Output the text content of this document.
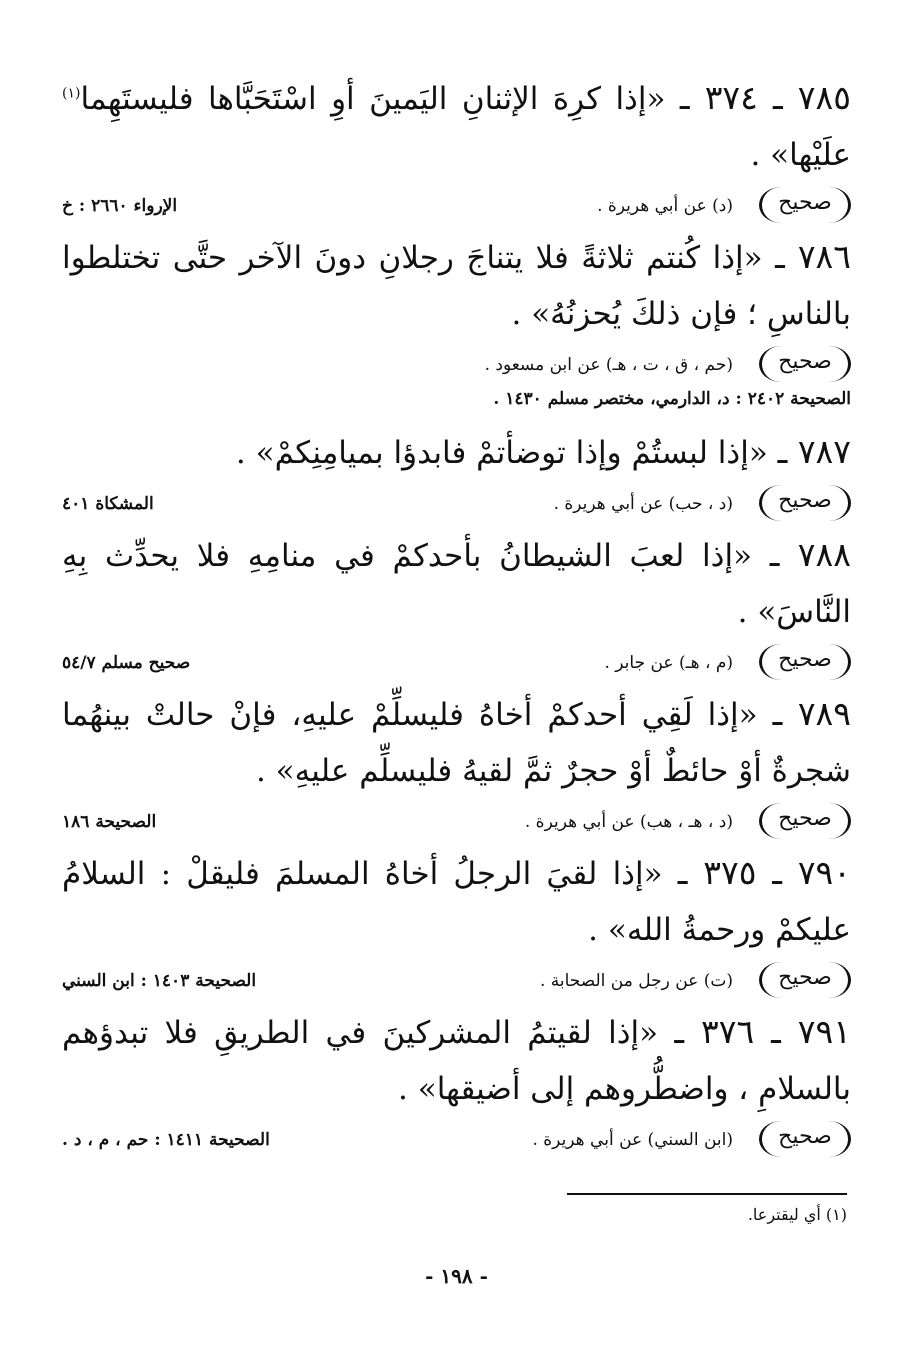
٧٨٥ ـ ٣٧٤ ـ «إذا كرِهَ الإثنانِ اليَمينَ أوِ اسْتَحَبَّاها فليستَهِما$^{(١)}$ علَيْها» .
صحيح
(د) عن أبي هريرة .
الإرواء ٢٦٦٠ : خ
٧٨٦ ـ «إذا كُنتم ثلاثةً فلا يتناجَ رجلانِ دونَ الآخر حتَّى تختلطوا بالناسِ ؛ فإن ذلكَ يُحزنُهُ» .
صحيح
(حم ، ق ، ت ، هـ) عن ابن مسعود .
الصحيحة ٢٤٠٢ : د، الدارمي، مختصر مسلم ١٤٣٠ .
٧٨٧ ـ «إذا لبستُمْ وإذا توضأتمْ فابدؤا بميامِنِكمْ» .
صحيح
(د ، حب) عن أبي هريرة .
المشكاة ٤٠١
٧٨٨ ـ «إذا لعبَ الشيطانُ بأحدكمْ في منامِهِ فلا يحدِّث بِهِ النَّاسَ» .
صحيح
(م ، هـ) عن جابر .
صحيح مسلم ٥٤/٧
٧٨٩ ـ «إذا لَقِي أحدكمْ أخاهُ فليسلِّمْ عليهِ، فإنْ حالتْ بينهُما شجرةٌ أوْ حائطٌ أوْ حجرٌ ثمَّ لقيهُ فليسلِّم عليهِ» .
صحيح
(د ، هـ ، هب) عن أبي هريرة .
الصحيحة ١٨٦
٧٩٠ ـ ٣٧٥ ـ «إذا لقيَ الرجلُ أخاهُ المسلمَ فليقلْ : السلامُ عليكمْ ورحمةُ الله» .
صحيح
(ت) عن رجل من الصحابة .
الصحيحة ١٤٠٣ : ابن السني
٧٩١ ـ ٣٧٦ ـ «إذا لقيتمُ المشركينَ في الطريقِ فلا تبدؤهم بالسلامِ ، واضطُّروهم إلى أضيقها» .
صحيح
(ابن السني) عن أبي هريرة .
الصحيحة ١٤١١ : حم ، م ، د .
(١) أي ليقترعا.
- ١٩٨ -
